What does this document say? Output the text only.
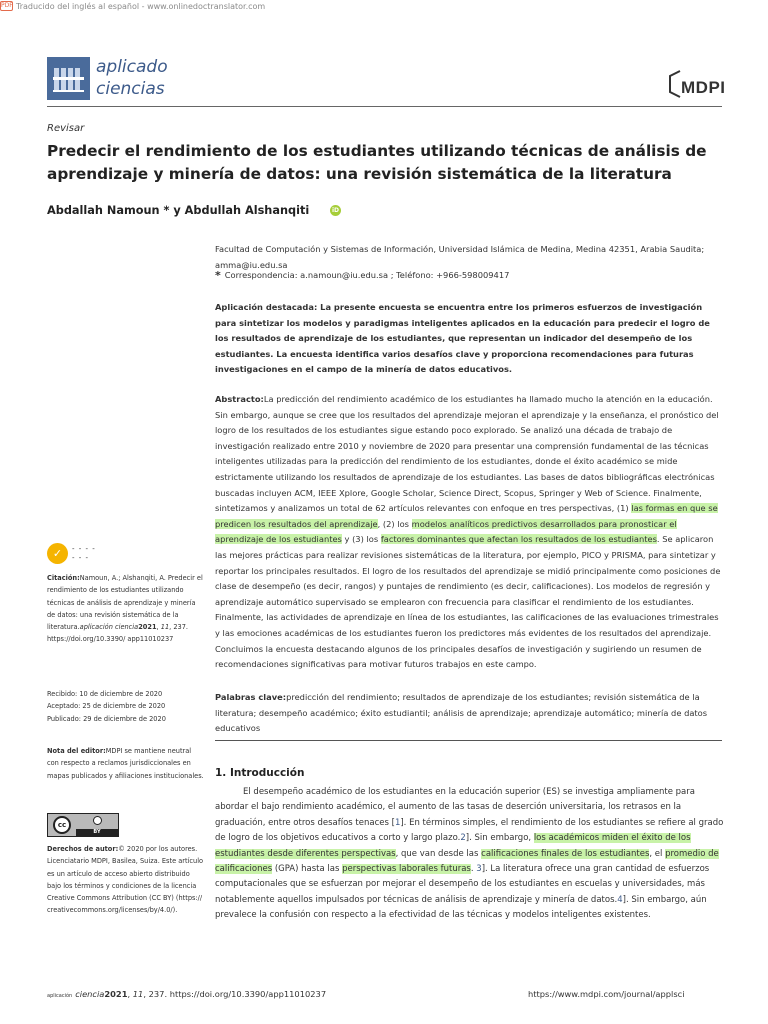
PDF Traducido del inglés al español - www.onlinedoctranslator.com
aplicado
ciencias	MDPI
Revisar
Predecir el rendimiento de los estudiantes utilizando técnicas de análisis de aprendizaje y minería de datos: una revisión sistemática de la literatura
Abdallah Namoun * y Abdullah Alshanqiti	iD
Facultad de Computación y Sistemas de Información, Universidad Islámica de Medina, Medina 42351, Arabia Saudita; amma@iu.edu.sa
* Correspondencia: a.namoun@iu.edu.sa ; Teléfono: +966-598009417
Aplicación destacada: La presente encuesta se encuentra entre los primeros esfuerzos de investigación para sintetizar los modelos y paradigmas inteligentes aplicados en la educación para predecir el logro de los resultados de aprendizaje de los estudiantes, que representan un indicador del desempeño de los estudiantes. La encuesta identifica varios desafíos clave y proporciona recomendaciones para futuras investigaciones en el campo de la minería de datos educativos.
Abstracto:La predicción del rendimiento académico de los estudiantes ha llamado mucho la atención en la educación. Sin embargo, aunque se cree que los resultados del aprendizaje mejoran el aprendizaje y la enseñanza, el pronóstico del logro de los resultados de los estudiantes sigue estando poco explorado. Se analizó una década de trabajo de investigación realizado entre 2010 y noviembre de 2020 para presentar una comprensión fundamental de las técnicas inteligentes utilizadas para la predicción del rendimiento de los estudiantes, donde el éxito académico se mide estrictamente utilizando los resultados de aprendizaje de los estudiantes. Las bases de datos bibliográficas electrónicas buscadas incluyen ACM, IEEE Xplore, Google Scholar, Science Direct, Scopus, Springer y Web of Science. Finalmente, sintetizamos y analizamos un total de 62 artículos relevantes con enfoque en tres perspectivas, (1) las formas en que se predicen los resultados del aprendizaje, (2) los modelos analíticos predictivos desarrollados para pronosticar el aprendizaje de los estudiantes y (3) los factores dominantes que afectan los resultados de los estudiantes. Se aplicaron las mejores prácticas para realizar revisiones sistemáticas de la literatura, por ejemplo, PICO y PRISMA, para sintetizar y reportar los principales resultados. El logro de los resultados del aprendizaje se midió principalmente como posiciones de clase de desempeño (es decir, rangos) y puntajes de rendimiento (es decir, calificaciones). Los modelos de regresión y aprendizaje automático supervisado se emplearon con frecuencia para clasificar el rendimiento de los estudiantes. Finalmente, las actividades de aprendizaje en línea de los estudiantes, las calificaciones de las evaluaciones trimestrales y las emociones académicas de los estudiantes fueron los predictores más evidentes de los resultados del aprendizaje. Concluimos la encuesta destacando algunos de los principales desafíos de investigación y sugiriendo un resumen de recomendaciones significativas para motivar futuros trabajos en este campo.
Palabras clave:predicción del rendimiento; resultados de aprendizaje de los estudiantes; revisión sistemática de la literatura; desempeño académico; éxito estudiantil; análisis de aprendizaje; aprendizaje automático; minería de datos educativos
1. Introducción
El desempeño académico de los estudiantes en la educación superior (ES) se investiga ampliamente para abordar el bajo rendimiento académico, el aumento de las tasas de deserción universitaria, los retrasos en la graduación, entre otros desafíos tenaces [1]. En términos simples, el rendimiento de los estudiantes se refiere al grado de logro de los objetivos educativos a corto y largo plazo.2]. Sin embargo, los académicos miden el éxito de los estudiantes desde diferentes perspectivas, que van desde las calificaciones finales de los estudiantes, el promedio de calificaciones (GPA) hasta las perspectivas laborales futuras. 3]. La literatura ofrece una gran cantidad de esfuerzos computacionales que se esfuerzan por mejorar el desempeño de los estudiantes en escuelas y universidades, más notablemente aquellos impulsados por técnicas de análisis de aprendizaje y minería de datos.4]. Sin embargo, aún prevalece la confusión con respecto a la efectividad de las técnicas y modelos inteligentes existentes.
✓	- - - -
- - -
Citación:Namoun, A.; Alshanqiti, A. Predecir el rendimiento de los estudiantes utilizando técnicas de análisis de aprendizaje y minería de datos: una revisión sistemática de la literatura.aplicación ciencia2021, 11, 237. https://doi.org/10.3390/ app11010237
Recibido: 10 de diciembre de 2020
Aceptado: 25 de diciembre de 2020
Publicado: 29 de diciembre de 2020
Nota del editor:MDPI se mantiene neutral con respecto a reclamos jurisdiccionales en mapas publicados y afiliaciones institucionales.
cc
BY
Derechos de autor:© 2020 por los autores. Licenciatario MDPI, Basilea, Suiza. Este artículo es un artículo de acceso abierto distribuido bajo los términos y condiciones de la licencia Creative Commons Attribution (CC BY) (https:// creativecommons.org/licenses/by/4.0/).
aplicación ciencia2021, 11, 237. https://doi.org/10.3390/app11010237	https://www.mdpi.com/journal/applsci
